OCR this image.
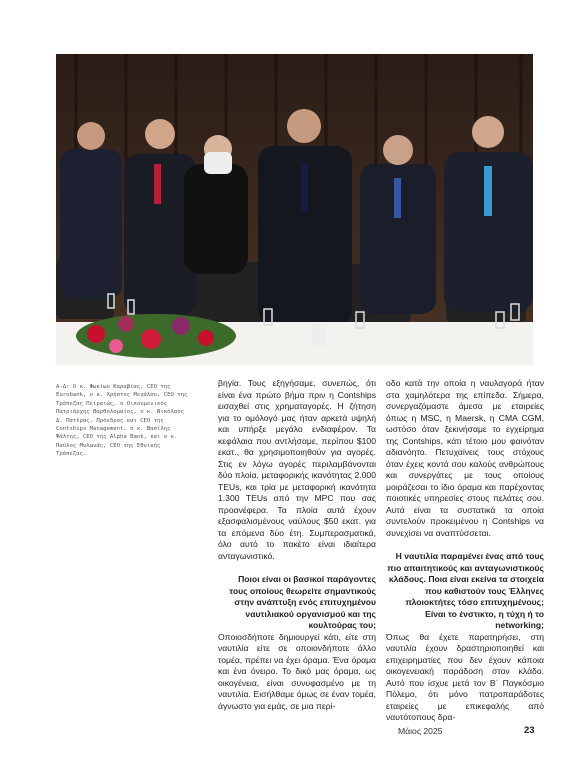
Α-Δ: Ο κ. Φωκίων Καραβίας, CEO της Eurobank, ο κ. Χρήστος Μεγάλου, CEO της Τράπεζας Πειραιώς, ο Οικουμενικός Πατριάρχης Βαρθολομαίος, ο κ. Νικόλαος Δ. Πατέρας, Πρόεδρος και CEO της Contships Management, ο κ. Βασίλης Ψάλτης, CEO της Alpha Bank, και ο κ. Παύλος Μυλωνάς, CEO της Εθνικής Τράπεζας.

βηγία. Τους εξηγήσαμε, συνεπώς, ότι είναι ένα πρώτο βήμα πριν η Contships εισαχθεί στις χρηματαγορές. Η ζήτηση για το ομόλογό μας ήταν αρκετά υψηλή και υπήρξε μεγάλο ενδιαφέρον. Τα κεφάλαια που αντλήσαμε, περίπου $100 εκατ., θα χρησιμοποιηθούν για αγορές. Στις εν λόγω αγορές περιλαμβάνονται δύο πλοία, μεταφορικής ικανότητας 2.000 TEUs, και τρία με μεταφορική ικανότητα 1.300 TEUs από την MPC που σας προανέφερα. Τα πλοία αυτά έχουν εξασφαλισμένους ναύλους $50 εκατ. για τα επόμενα δύο έτη. Συμπερασματικά, όλο αυτό το πακέτο είναι ιδιαίτερα ανταγωνιστικό.

Ποιοι είναι οι βασικοί παράγοντες τους οποίους θεωρείτε σημαντικούς στην ανάπτυξη ενός επιτυχημένου ναυτιλιακού οργανισμού και της κουλτούρας του;

Οποιοσδήποτε δημιουργεί κάτι, είτε στη ναυτιλία είτε σε οποιονδήποτε άλλο τομέα, πρέπει να έχει όραμα. Ένα όραμα και ένα όνειρο. Το δικό μας όραμα, ως οικογένεια, είναι συνυφασμένο με τη ναυτιλία. Εισήλθαμε όμως σε έναν τομέα, άγνωστο για εμάς, σε μια περί-

οδο κατά την οποία η ναυλαγορά ήταν στα χαμηλότερα της επίπεδα. Σήμερα, συνεργαζόμαστε άμεσα με εταιρείες όπως η MSC, η Maersk, η CMA CGM, ωστόσο όταν ξεκινήσαμε το εγχείρημα της Contships, κάτι τέτοιο μου φαινόταν αδιανόητο. Πετυχαίνεις τους στόχους όταν έχεις κοντά σου καλούς ανθρώπους και συνεργάτες με τους οποίους μοιράζεσαι το ίδιο όραμα και παρέχοντας ποιοτικές υπηρεσίες στους πελάτες σου. Αυτά είναι τα συστατικά τα οποία συντελούν προκειμένου η Contships να συνεχίσει να αναπτύσσεται.

Η ναυτιλία παραμένει ένας από τους πιο απαιτητικούς και ανταγωνιστικούς κλάδους. Ποια είναι εκείνα τα στοιχεία που καθιστούν τους Έλληνες πλοιοκτήτες τόσο επιτυχημένους; Είναι το ένστικτο, η τύχη ή το networking;

Όπως θα έχετε παρατηρήσει, στη ναυτιλία έχουν δραστηριοποιηθεί και επιχειρηματίες που δεν έχουν κάποια οικογενειακή παράδοση στον κλάδο. Αυτό που ίσχυε μετά τον Β΄ Παγκόσμιο Πόλεμο, ότι μόνο πατροπαράδοτες εταιρείες με επικεφαλής από ναυτότοπους δρα-

Μάιος 2025	23
